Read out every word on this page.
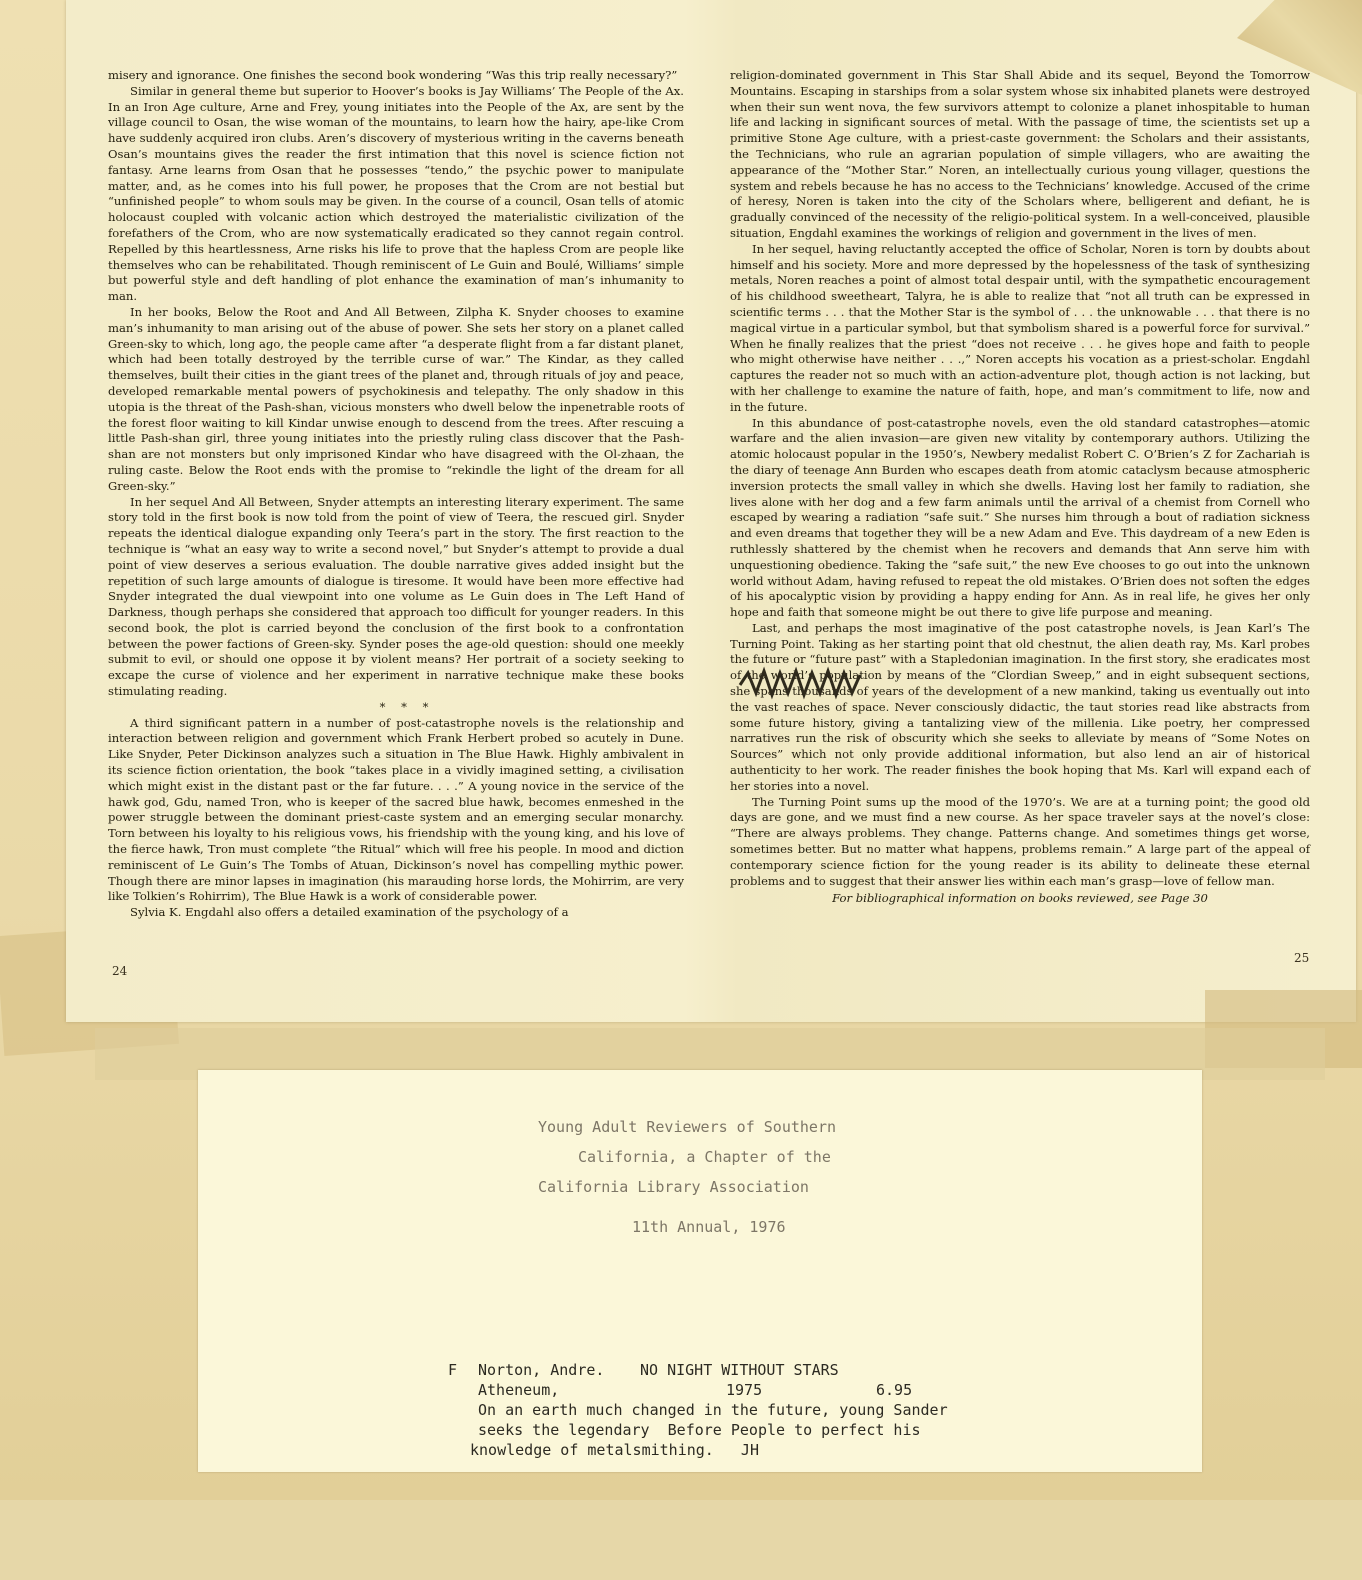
misery and ignorance. One finishes the second book wondering “Was this trip really necessary?”

Similar in general theme but superior to Hoover’s books is Jay Williams’ The People of the Ax. In an Iron Age culture, Arne and Frey, young initiates into the People of the Ax, are sent by the village council to Osan, the wise woman of the mountains, to learn how the hairy, ape-like Crom have suddenly acquired iron clubs. Aren’s discovery of mysterious writing in the caverns beneath Osan’s mountains gives the reader the first intimation that this novel is science fiction not fantasy. Arne learns from Osan that he possesses “tendo,” the psychic power to manipulate matter, and, as he comes into his full power, he proposes that the Crom are not bestial but “unfinished people” to whom souls may be given. In the course of a council, Osan tells of atomic holocaust coupled with volcanic action which destroyed the materialistic civilization of the forefathers of the Crom, who are now systematically eradicated so they cannot regain control. Repelled by this heartlessness, Arne risks his life to prove that the hapless Crom are people like themselves who can be rehabilitated. Though reminiscent of Le Guin and Boulé, Williams’ simple but powerful style and deft handling of plot enhance the examination of man’s inhumanity to man.

In her books, Below the Root and And All Between, Zilpha K. Snyder chooses to examine man’s inhumanity to man arising out of the abuse of power. She sets her story on a planet called Green-sky to which, long ago, the people came after “a desperate flight from a far distant planet, which had been totally destroyed by the terrible curse of war.” The Kindar, as they called themselves, built their cities in the giant trees of the planet and, through rituals of joy and peace, developed remarkable mental powers of psychokinesis and telepathy. The only shadow in this utopia is the threat of the Pash-shan, vicious monsters who dwell below the inpenetrable roots of the forest floor waiting to kill Kindar unwise enough to descend from the trees. After rescuing a little Pash-shan girl, three young initiates into the priestly ruling class discover that the Pash-shan are not monsters but only imprisoned Kindar who have disagreed with the Ol-zhaan, the ruling caste. Below the Root ends with the promise to “rekindle the light of the dream for all Green-sky.”

In her sequel And All Between, Snyder attempts an interesting literary experiment. The same story told in the first book is now told from the point of view of Teera, the rescued girl. Snyder repeats the identical dialogue expanding only Teera’s part in the story. The first reaction to the technique is “what an easy way to write a second novel,” but Snyder’s attempt to provide a dual point of view deserves a serious evaluation. The double narrative gives added insight but the repetition of such large amounts of dialogue is tiresome. It would have been more effective had Snyder integrated the dual viewpoint into one volume as Le Guin does in The Left Hand of Darkness, though perhaps she considered that approach too difficult for younger readers. In this second book, the plot is carried beyond the conclusion of the first book to a confrontation between the power factions of Green-sky. Synder poses the age-old question: should one meekly submit to evil, or should one oppose it by violent means? Her portrait of a society seeking to excape the curse of violence and her experiment in narrative technique make these books stimulating reading.

* * *

A third significant pattern in a number of post-catastrophe novels is the relationship and interaction between religion and government which Frank Herbert probed so acutely in Dune. Like Snyder, Peter Dickinson analyzes such a situation in The Blue Hawk. Highly ambivalent in its science fiction orientation, the book “takes place in a vividly imagined setting, a civilisation which might exist in the distant past or the far future. . . .” A young novice in the service of the hawk god, Gdu, named Tron, who is keeper of the sacred blue hawk, becomes enmeshed in the power struggle between the dominant priest-caste system and an emerging secular monarchy. Torn between his loyalty to his religious vows, his friendship with the young king, and his love of the fierce hawk, Tron must complete “the Ritual” which will free his people. In mood and diction reminiscent of Le Guin’s The Tombs of Atuan, Dickinson’s novel has compelling mythic power. Though there are minor lapses in imagination (his marauding horse lords, the Mohirrim, are very like Tolkien’s Rohirrim), The Blue Hawk is a work of considerable power.

Sylvia K. Engdahl also offers a detailed examination of the psychology of a

religion-dominated government in This Star Shall Abide and its sequel, Beyond the Tomorrow Mountains. Escaping in starships from a solar system whose six inhabited planets were destroyed when their sun went nova, the few survivors attempt to colonize a planet inhospitable to human life and lacking in significant sources of metal. With the passage of time, the scientists set up a primitive Stone Age culture, with a priest-caste government: the Scholars and their assistants, the Technicians, who rule an agrarian population of simple villagers, who are awaiting the appearance of the “Mother Star.” Noren, an intellectually curious young villager, questions the system and rebels because he has no access to the Technicians’ knowledge. Accused of the crime of heresy, Noren is taken into the city of the Scholars where, belligerent and defiant, he is gradually convinced of the necessity of the religio-political system. In a well-conceived, plausible situation, Engdahl examines the workings of religion and government in the lives of men.

In her sequel, having reluctantly accepted the office of Scholar, Noren is torn by doubts about himself and his society. More and more depressed by the hopelessness of the task of synthesizing metals, Noren reaches a point of almost total despair until, with the sympathetic encouragement of his childhood sweetheart, Talyra, he is able to realize that “not all truth can be expressed in scientific terms . . . that the Mother Star is the symbol of . . . the unknowable . . . that there is no magical virtue in a particular symbol, but that symbolism shared is a powerful force for survival.” When he finally realizes that the priest “does not receive . . . he gives hope and faith to people who might otherwise have neither . . .,” Noren accepts his vocation as a priest-scholar. Engdahl captures the reader not so much with an action-adventure plot, though action is not lacking, but with her challenge to examine the nature of faith, hope, and man’s commitment to life, now and in the future.

In this abundance of post-catastrophe novels, even the old standard catastrophes—atomic warfare and the alien invasion—are given new vitality by contemporary authors. Utilizing the atomic holocaust popular in the 1950’s, Newbery medalist Robert C. O’Brien’s Z for Zachariah is the diary of teenage Ann Burden who escapes death from atomic cataclysm because atmospheric inversion protects the small valley in which she dwells. Having lost her family to radiation, she lives alone with her dog and a few farm animals until the arrival of a chemist from Cornell who escaped by wearing a radiation “safe suit.” She nurses him through a bout of radiation sickness and even dreams that together they will be a new Adam and Eve. This daydream of a new Eden is ruthlessly shattered by the chemist when he recovers and demands that Ann serve him with unquestioning obedience. Taking the “safe suit,” the new Eve chooses to go out into the unknown world without Adam, having refused to repeat the old mistakes. O’Brien does not soften the edges of his apocalyptic vision by providing a happy ending for Ann. As in real life, he gives her only hope and faith that someone might be out there to give life purpose and meaning.

Last, and perhaps the most imaginative of the post catastrophe novels, is Jean Karl’s The Turning Point. Taking as her starting point that old chestnut, the alien death ray, Ms. Karl probes the future or “future past” with a Stapledonian imagination. In the first story, she eradicates most of the world’s population by means of the “Clordian Sweep,” and in eight subsequent sections, she spans thousands of years of the development of a new mankind, taking us eventually out into the vast reaches of space. Never consciously didactic, the taut stories read like abstracts from some future history, giving a tantalizing view of the millenia. Like poetry, her compressed narratives run the risk of obscurity which she seeks to alleviate by means of “Some Notes on Sources” which not only provide additional information, but also lend an air of historical authenticity to her work. The reader finishes the book hoping that Ms. Karl will expand each of her stories into a novel.

The Turning Point sums up the mood of the 1970’s. We are at a turning point; the good old days are gone, and we must find a new course. As her space traveler says at the novel’s close: “There are always problems. They change. Patterns change. And sometimes things get worse, sometimes better. But no matter what happens, problems remain.” A large part of the appeal of contemporary science fiction for the young reader is its ability to delineate these eternal problems and to suggest that their answer lies within each man’s grasp—love of fellow man.

For bibliographical information on books reviewed, see Page 30

24
25
Young Adult Reviewers of Southern
California, a Chapter of the
California Library Association
11th Annual, 1976

F

Norton, Andre.

NO NIGHT WITHOUT STARS

Atheneum,

	1975

	6.95

On an earth much changed in the future, young Sander

seeks the legendary  Before People to perfect his

knowledge of metalsmithing.   JH
